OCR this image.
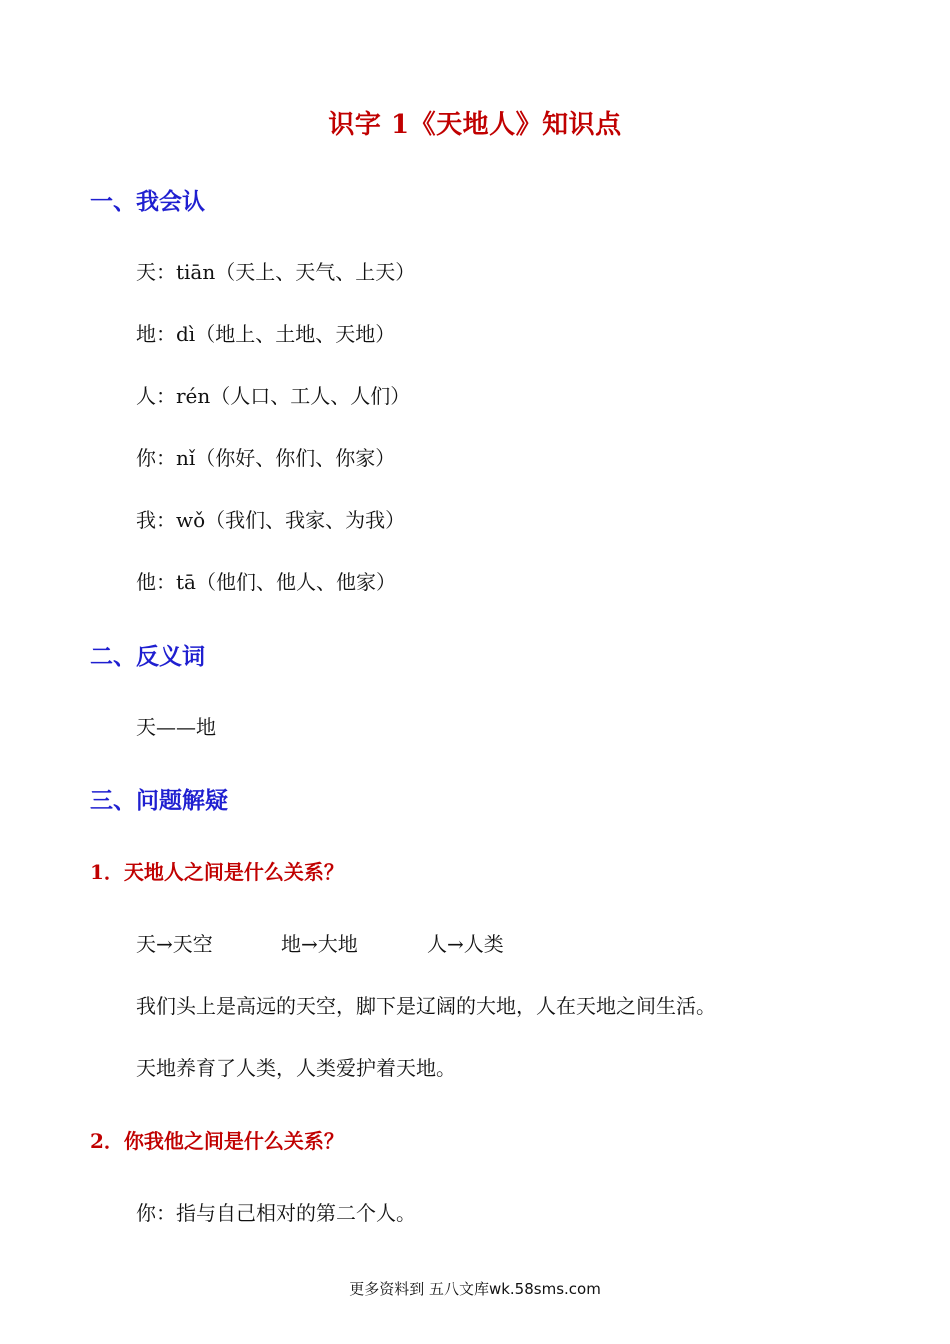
识字 1《天地人》知识点
一、我会认
天：tiān（天上、天气、上天）
地：dì（地上、土地、天地）
人：rén（人口、工人、人们）
你：nǐ（你好、你们、你家）
我：wǒ（我们、我家、为我）
他：tā（他们、他人、他家）
二、反义词
天——地
三、问题解疑
1．天地人之间是什么关系？
天→天空	地→大地	人→人类
我们头上是高远的天空，脚下是辽阔的大地，人在天地之间生活。
天地养育了人类，人类爱护着天地。
2．你我他之间是什么关系？
你：指与自己相对的第二个人。
更多资料到 五八文库wk.58sms.com
